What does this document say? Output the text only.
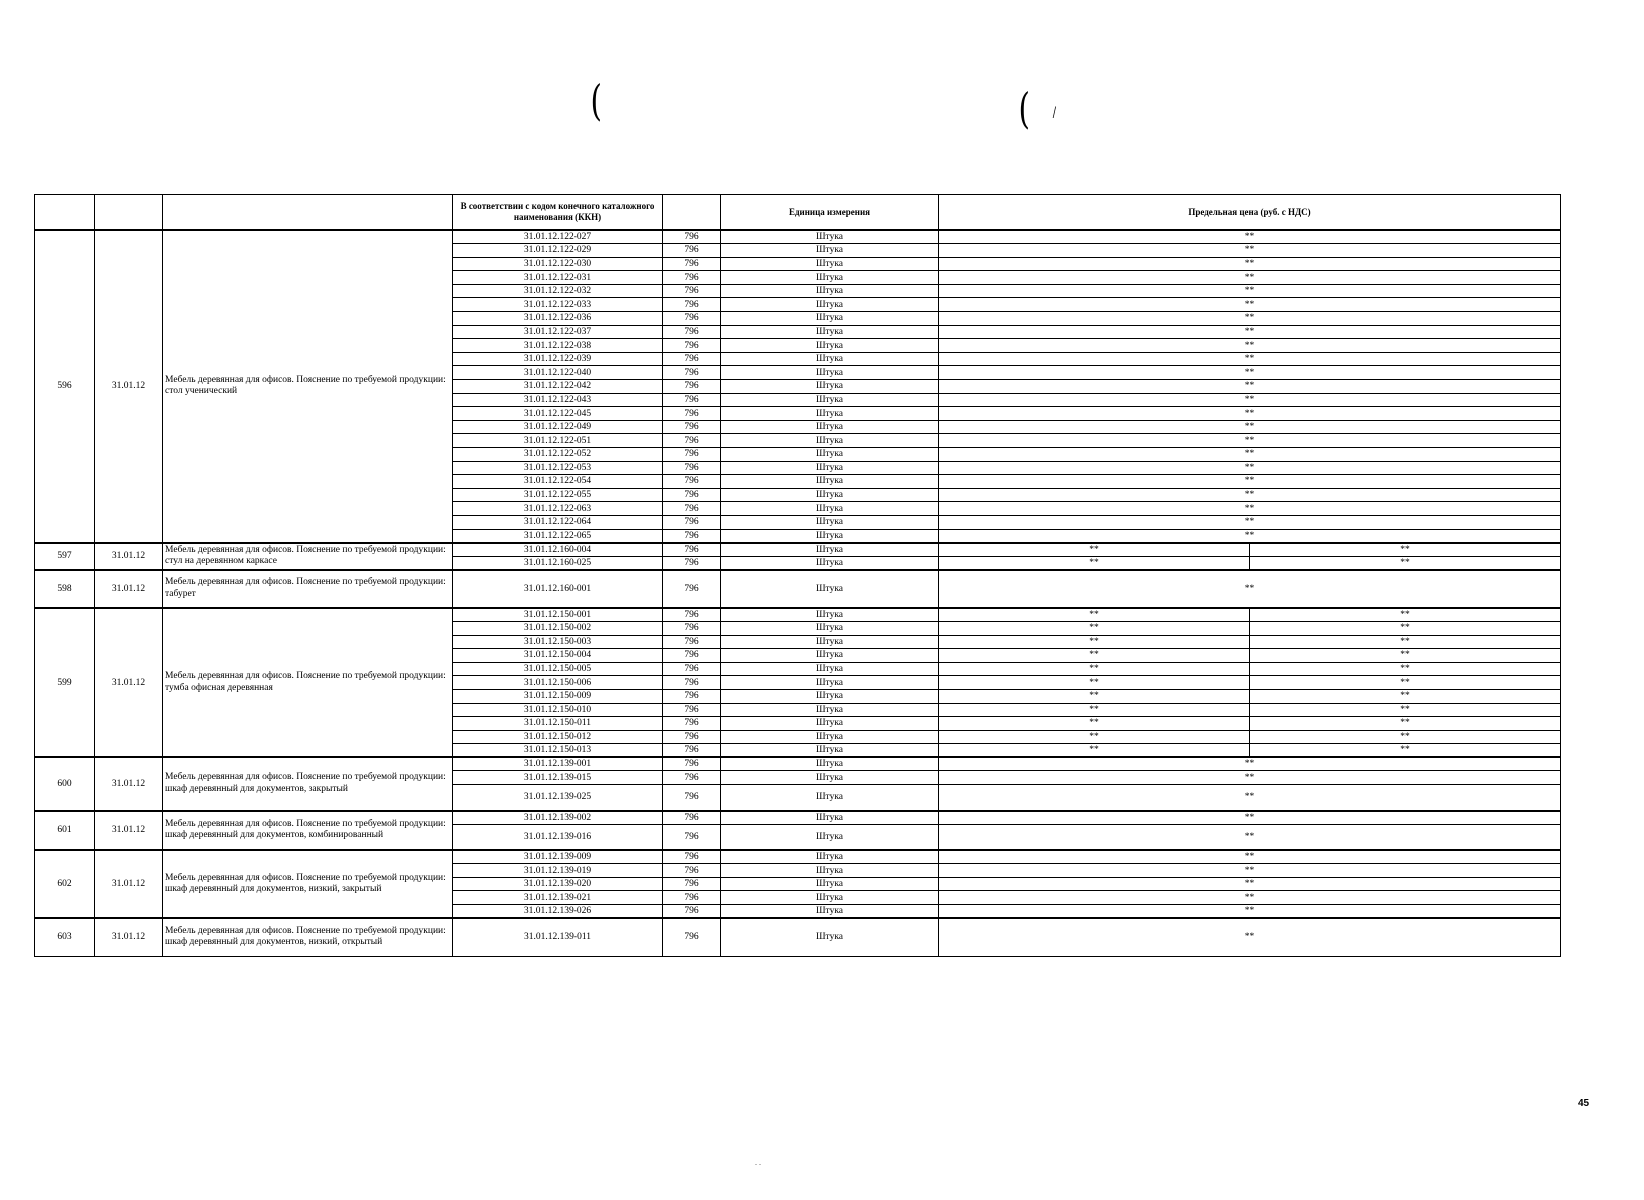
(	( /
			В соответствии с кодом конечного каталожного наименования (ККН)		Единица измерения	Предельная цена (руб. с НДС)	
596	31.01.12	Мебель деревянная для офисов. Пояснение по требуемой продукции: стол ученический	31.01.12.122-027	796	Штука	**	
			31.01.12.122-029	796	Штука	**	
			31.01.12.122-030	796	Штука	**	
			31.01.12.122-031	796	Штука	**	
			31.01.12.122-032	796	Штука	**	
			31.01.12.122-033	796	Штука	**	
			31.01.12.122-036	796	Штука	**	
			31.01.12.122-037	796	Штука	**	
			31.01.12.122-038	796	Штука	**	
			31.01.12.122-039	796	Штука	**	
			31.01.12.122-040	796	Штука	**	
			31.01.12.122-042	796	Штука	**	
			31.01.12.122-043	796	Штука	**	
			31.01.12.122-045	796	Штука	**	
			31.01.12.122-049	796	Штука	**	
			31.01.12.122-051	796	Штука	**	
			31.01.12.122-052	796	Штука	**	
			31.01.12.122-053	796	Штука	**	
			31.01.12.122-054	796	Штука	**	
			31.01.12.122-055	796	Штука	**	
			31.01.12.122-063	796	Штука	**	
			31.01.12.122-064	796	Штука	**	
			31.01.12.122-065	796	Штука	**	
597	31.01.12	Мебель деревянная для офисов. Пояснение по требуемой продукции: стул на деревянном каркасе	31.01.12.160-004	796	Штука	**	**
			31.01.12.160-025	796	Штука	**	**
598	31.01.12	Мебель деревянная для офисов. Пояснение по требуемой продукции: табурет	31.01.12.160-001	796	Штука	**	
599	31.01.12	Мебель деревянная для офисов. Пояснение по требуемой продукции: тумба офисная деревянная	31.01.12.150-001	796	Штука	**	**
			31.01.12.150-002	796	Штука	**	**
			31.01.12.150-003	796	Штука	**	**
			31.01.12.150-004	796	Штука	**	**
			31.01.12.150-005	796	Штука	**	**
			31.01.12.150-006	796	Штука	**	**
			31.01.12.150-009	796	Штука	**	**
			31.01.12.150-010	796	Штука	**	**
			31.01.12.150-011	796	Штука	**	**
			31.01.12.150-012	796	Штука	**	**
			31.01.12.150-013	796	Штука	**	**
600	31.01.12	Мебель деревянная для офисов. Пояснение по требуемой продукции: шкаф деревянный для документов, закрытый	31.01.12.139-001	796	Штука	**	
			31.01.12.139-015	796	Штука	**	
			31.01.12.139-025	796	Штука	**	
601	31.01.12	Мебель деревянная для офисов. Пояснение по требуемой продукции: шкаф деревянный для документов, комбинированный	31.01.12.139-002	796	Штука	**	
			31.01.12.139-016	796	Штука	**	
602	31.01.12	Мебель деревянная для офисов. Пояснение по требуемой продукции: шкаф деревянный для документов, низкий, закрытый	31.01.12.139-009	796	Штука	**	
			31.01.12.139-019	796	Штука	**	
			31.01.12.139-020	796	Штука	**	
			31.01.12.139-021	796	Штука	**	
			31.01.12.139-026	796	Штука	**	
603	31.01.12	Мебель деревянная для офисов. Пояснение по требуемой продукции: шкаф деревянный для документов, низкий, открытый	31.01.12.139-011	796	Штука	**	
45
. .
